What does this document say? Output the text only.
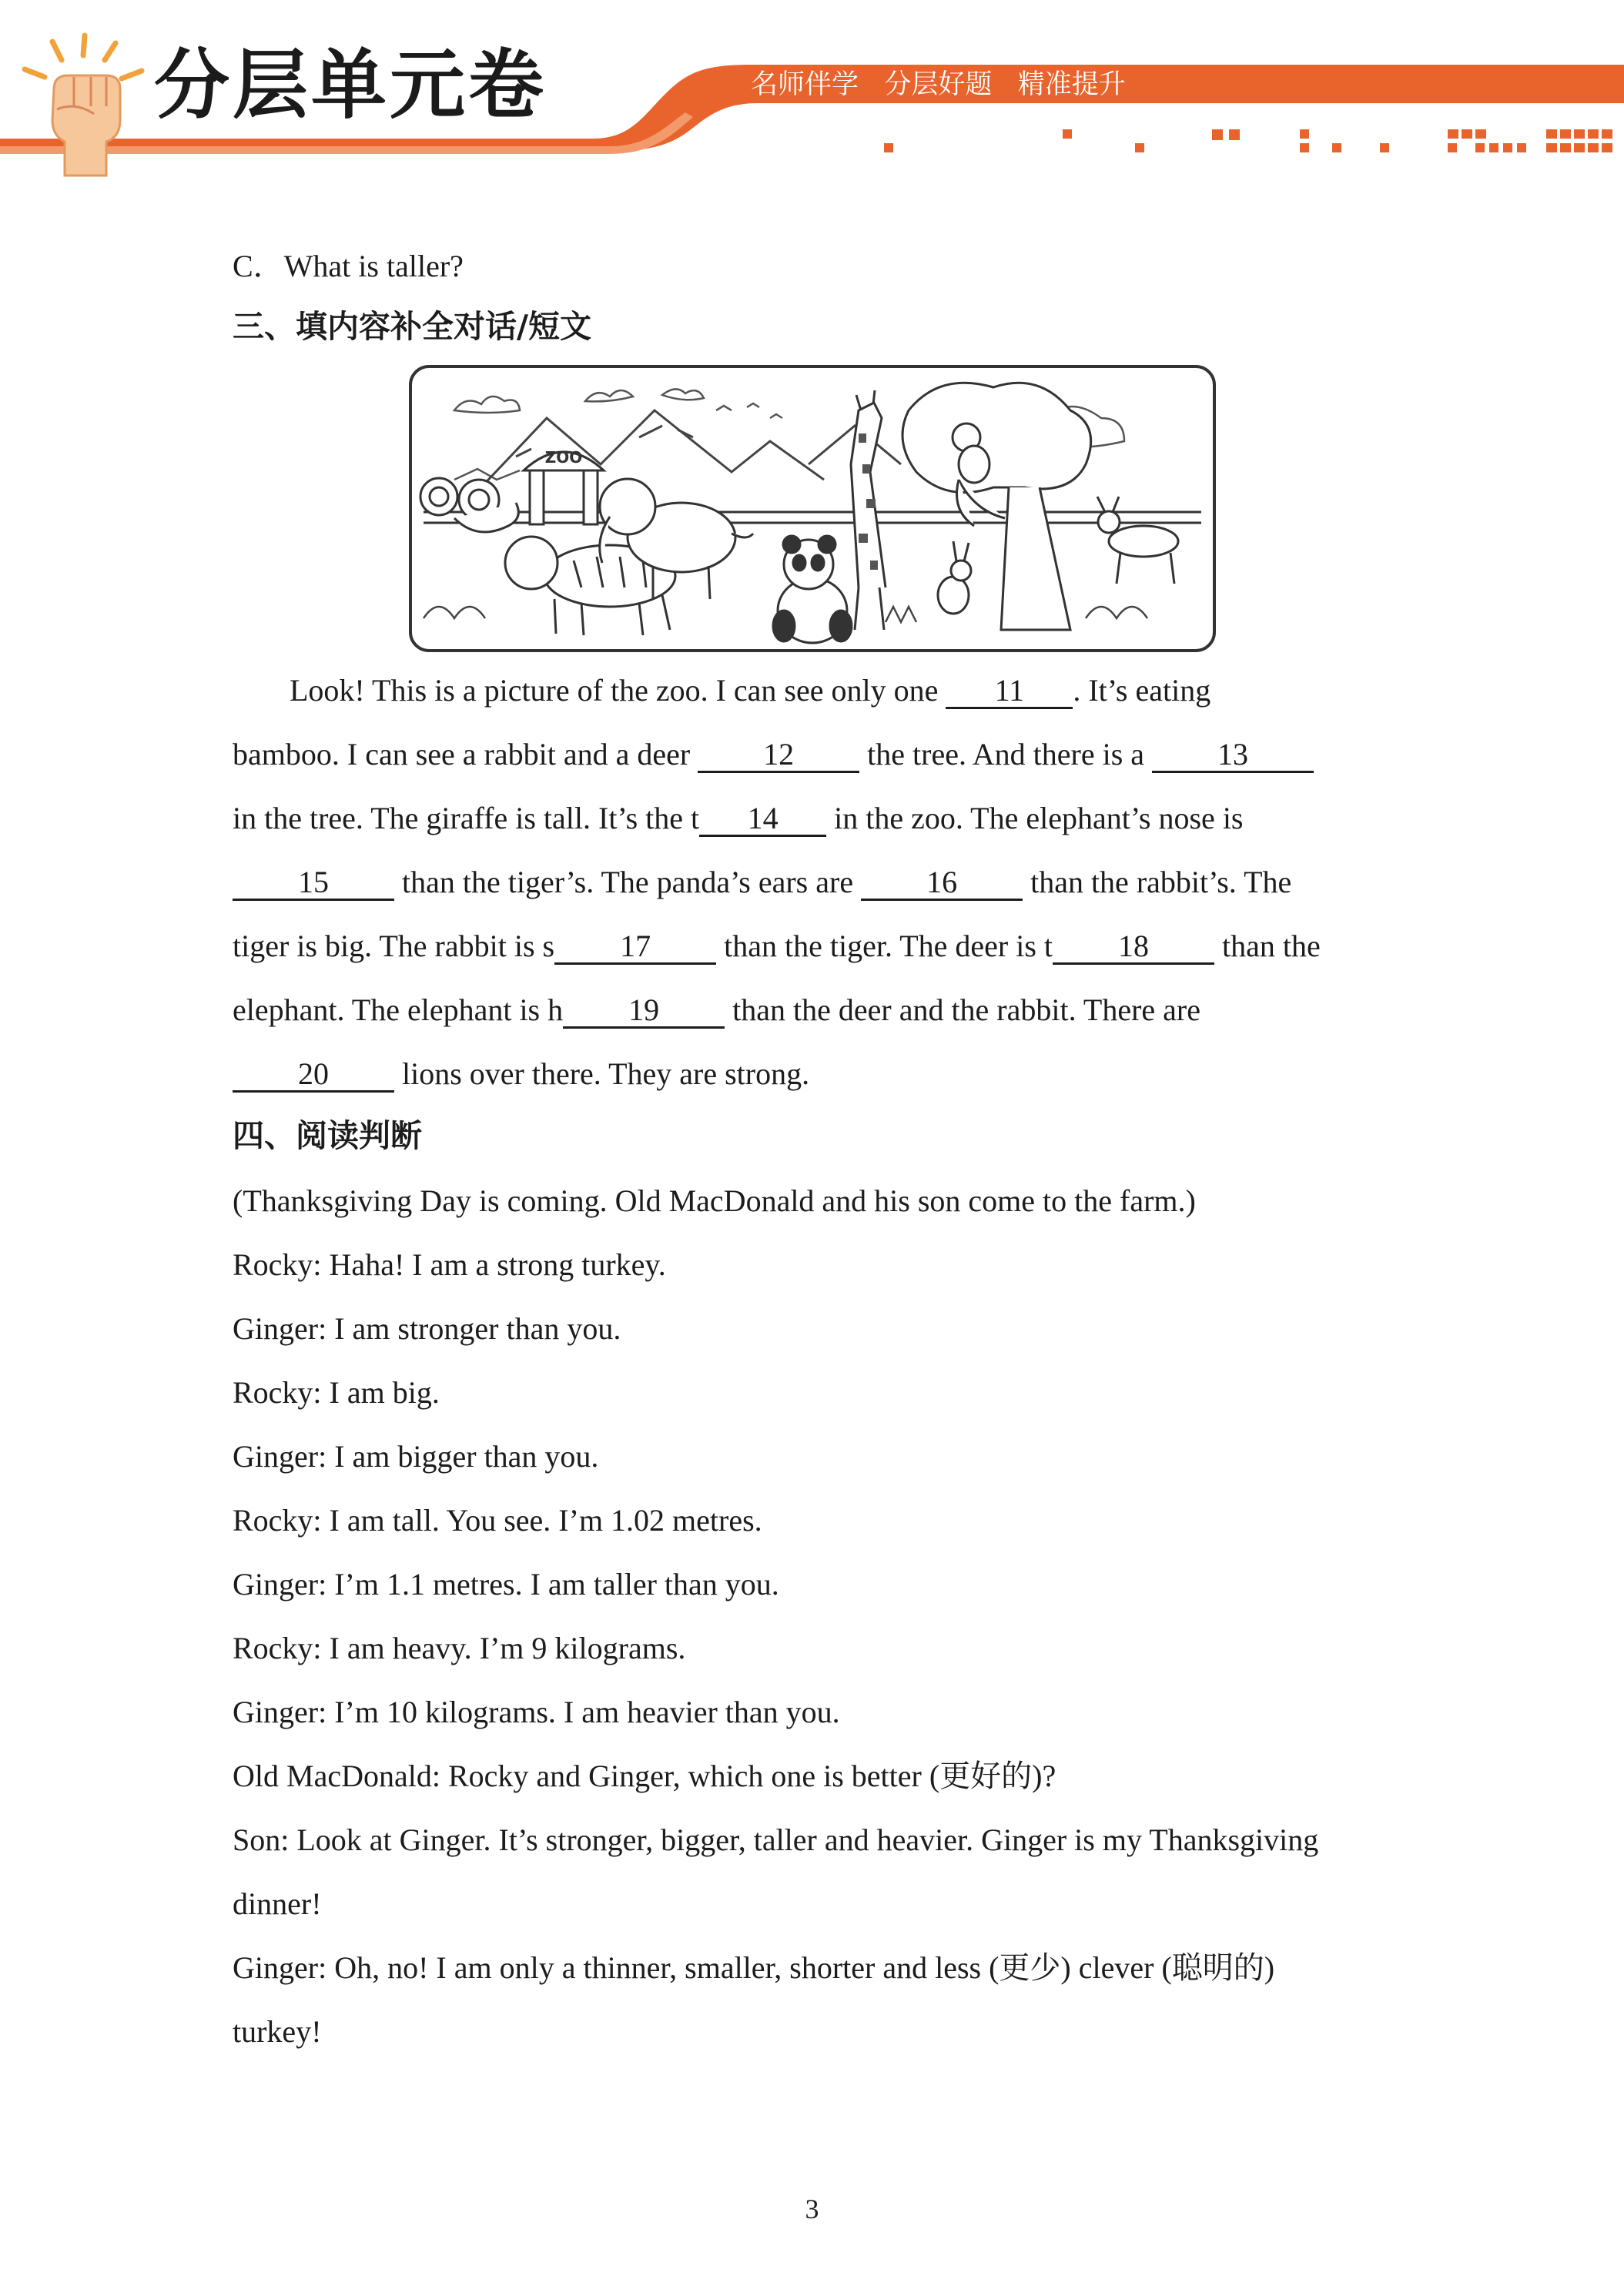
分层单元卷	名师伴学   分层好题   精准提升
C．What is taller?
三、填内容补全对话/短文
ZOO
Look! This is a picture of the zoo. I can see only one 11 . It’s eating
bamboo. I can see a rabbit and a deer 12 the tree. And there is a 13
in the tree. The giraffe is tall. It’s the t 14 in the zoo. The elephant’s nose is
15 than the tiger’s. The panda’s ears are 16 than the rabbit’s. The
tiger is big. The rabbit is s 17 than the tiger. The deer is t 18 than the
elephant. The elephant is h 19 than the deer and the rabbit. There are
20 lions over there. They are strong.
四、阅读判断
(Thanksgiving Day is coming. Old MacDonald and his son come to the farm.)
Rocky: Haha! I am a strong turkey.
Ginger: I am stronger than you.
Rocky: I am big.
Ginger: I am bigger than you.
Rocky: I am tall. You see. I’m 1.02 metres.
Ginger: I’m 1.1 metres. I am taller than you.
Rocky: I am heavy. I’m 9 kilograms.
Ginger: I’m 10 kilograms. I am heavier than you.
Old MacDonald: Rocky and Ginger, which one is better (更好的)?
Son: Look at Ginger. It’s stronger, bigger, taller and heavier. Ginger is my Thanksgiving
dinner!
Ginger: Oh, no! I am only a thinner, smaller, shorter and less (更少) clever (聪明的)
turkey!
3
